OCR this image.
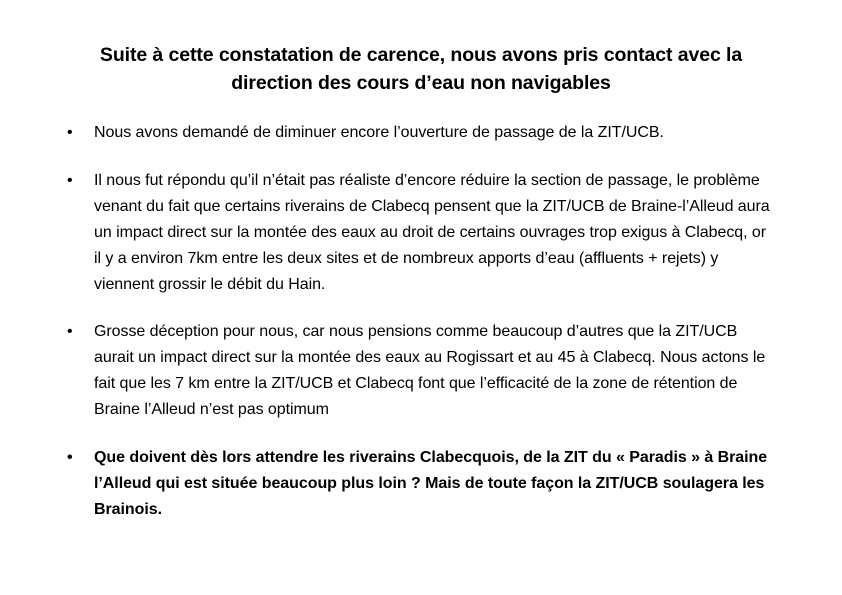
Suite à cette constatation de carence, nous avons pris contact avec la direction des cours d’eau non navigables
•	Nous avons demandé de diminuer encore l’ouverture de passage de la ZIT/UCB.
•	Il nous fut répondu qu’il n’était pas réaliste d’encore réduire la section de passage, le problème venant du fait que certains riverains de Clabecq pensent que la ZIT/UCB de Braine-l’Alleud aura un impact direct sur la montée des eaux au droit de certains ouvrages trop exigus à Clabecq, or il y a environ 7km entre les deux sites et de nombreux apports d’eau (affluents + rejets) y viennent grossir le débit du Hain.
•	Grosse déception pour nous, car nous pensions comme beaucoup d’autres que la ZIT/UCB aurait un impact direct sur la montée des eaux au Rogissart et au 45 à Clabecq. Nous actons le fait que les 7 km entre la ZIT/UCB et Clabecq font que l’efficacité de la zone de rétention de Braine l’Alleud n’est pas optimum
•	Que doivent dès lors attendre les riverains Clabecquois, de la ZIT du « Paradis » à Braine l’Alleud qui est située beaucoup plus loin ? Mais de toute façon la ZIT/UCB soulagera les Brainois.
